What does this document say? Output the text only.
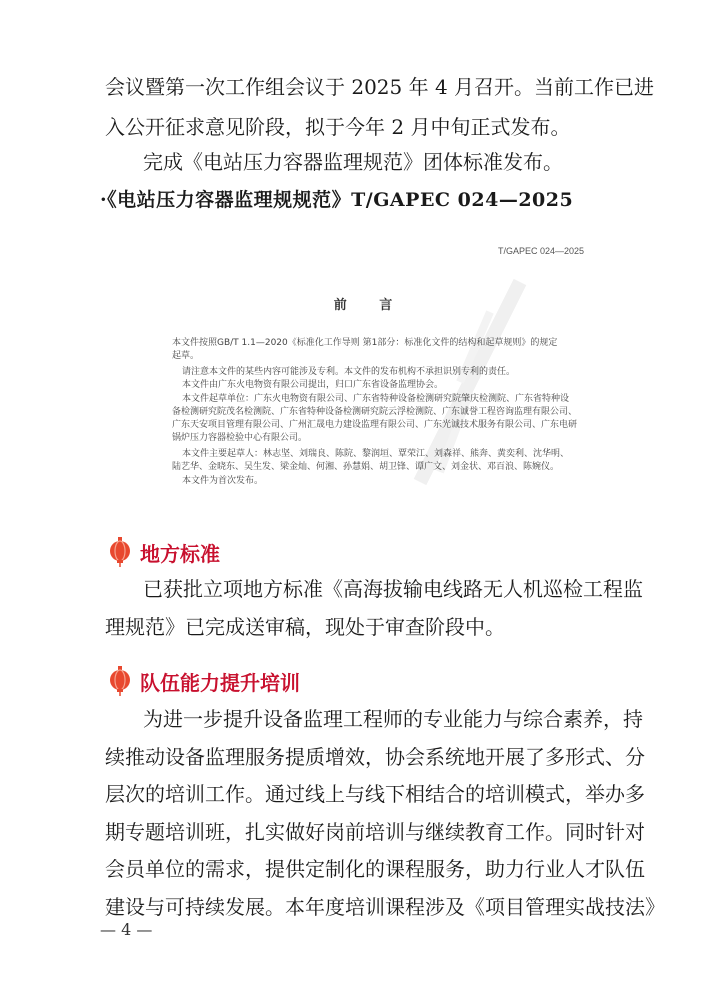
会议暨第一次工作组会议于 2025 年 4 月召开。当前工作已进
入公开征求意见阶段，拟于今年 2 月中旬正式发布。
完成《电站压力容器监理规范》团体标准发布。
·《电站压力容器监理规规范》T/GAPEC 024—2025
T/GAPEC 024—2025
前 言
本文件按照GB/T 1.1—2020《标准化工作导则 第1部分：标准化文件的结构和起草规则》的规定
起草。
请注意本文件的某些内容可能涉及专利。本文件的发布机构不承担识别专利的责任。
本文件由广东火电物资有限公司提出，归口广东省设备监理协会。
本文件起草单位：广东火电物资有限公司、广东省特种设备检测研究院肇庆检测院、广东省特种设
备检测研究院茂名检测院、广东省特种设备检测研究院云浮检测院、广东诚誉工程咨询监理有限公司、
广东天安项目管理有限公司、广州汇晟电力建设监理有限公司、广东光诚技术服务有限公司、广东电研
锅炉压力容器检验中心有限公司。
本文件主要起草人：林志坚、刘瑞良、陈院、黎润垣、覃荣江、刘森祥、熊奔、黄奕利、沈华明、
陆艺华、金晓东、吴生发、梁金灿、何湘、孙慧娟、胡卫锋、谭广文、刘金状、邓百浪、陈婉仪。
本文件为首次发布。
地方标准
已获批立项地方标准《高海拔输电线路无人机巡检工程监
理规范》已完成送审稿，现处于审查阶段中。
队伍能力提升培训
为进一步提升设备监理工程师的专业能力与综合素养，持
续推动设备监理服务提质增效，协会系统地开展了多形式、分
层次的培训工作。通过线上与线下相结合的培训模式，举办多
期专题培训班，扎实做好岗前培训与继续教育工作。同时针对
会员单位的需求，提供定制化的课程服务，助力行业人才队伍
建设与可持续发展。本年度培训课程涉及《项目管理实战技法》
— 4 —
